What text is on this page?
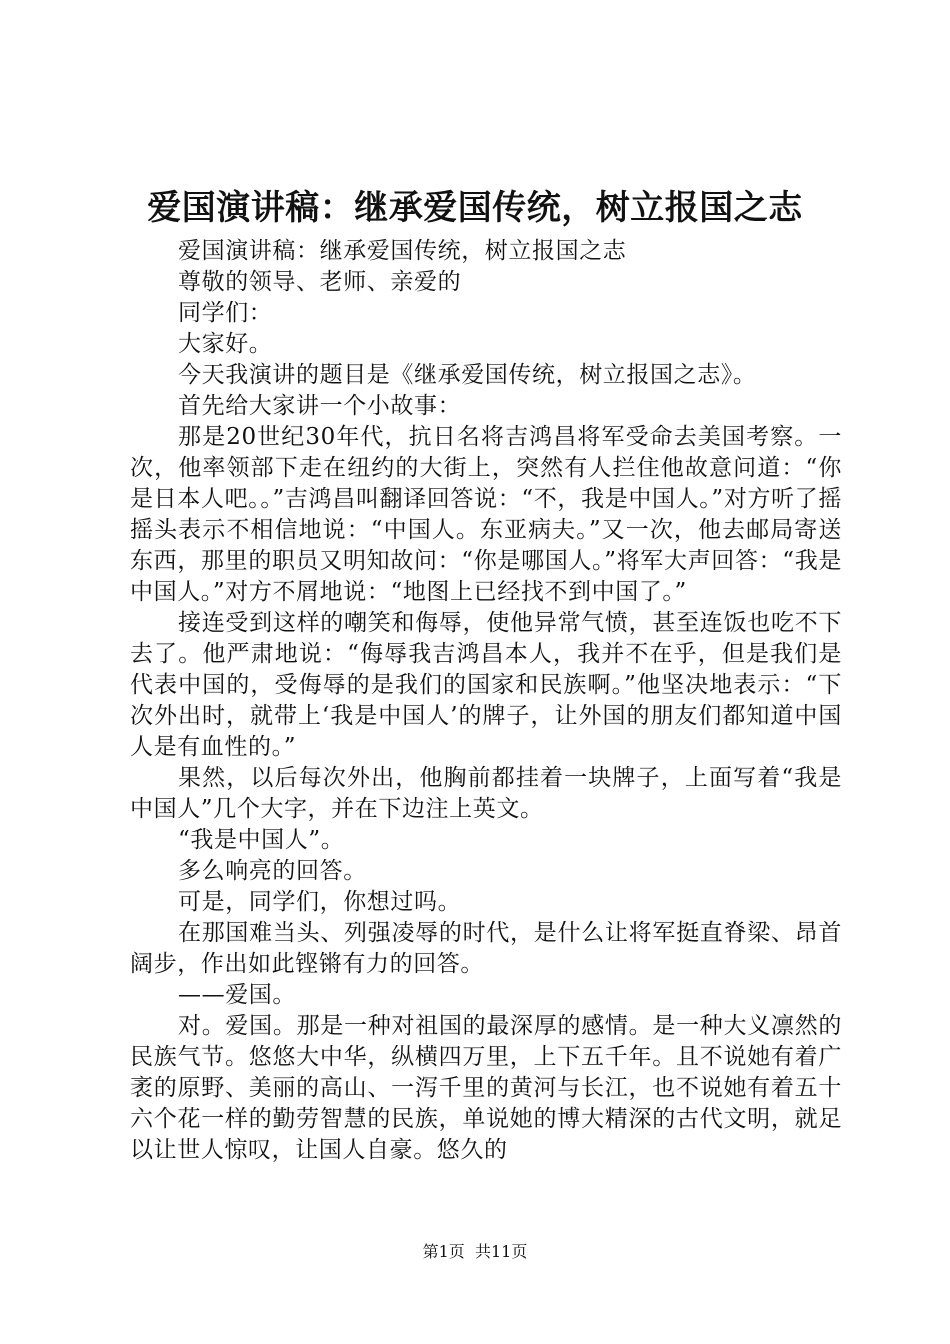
爱国演讲稿：继承爱国传统，树立报国之志

爱国演讲稿：继承爱国传统，树立报国之志

尊敬的领导、老师、亲爱的

同学们：

大家好。

今天我演讲的题目是《继承爱国传统，树立报国之志》。

首先给大家讲一个小故事：

那是20世纪30年代，抗日名将吉鸿昌将军受命去美国考察。一次，他率领部下走在纽约的大街上，突然有人拦住他故意问道：“你是日本人吧。。”吉鸿昌叫翻译回答说：“不，我是中国人。”对方听了摇摇头表示不相信地说：“中国人。东亚病夫。”又一次，他去邮局寄送东西，那里的职员又明知故问：“你是哪国人。”将军大声回答：“我是中国人。”对方不屑地说：“地图上已经找不到中国了。”

接连受到这样的嘲笑和侮辱，使他异常气愤，甚至连饭也吃不下去了。他严肃地说：“侮辱我吉鸿昌本人，我并不在乎，但是我们是代表中国的，受侮辱的是我们的国家和民族啊。”他坚决地表示：“下次外出时，就带上‘我是中国人’的牌子，让外国的朋友们都知道中国人是有血性的。”

果然，以后每次外出，他胸前都挂着一块牌子，上面写着“我是中国人”几个大字，并在下边注上英文。

“我是中国人”。

多么响亮的回答。

可是，同学们，你想过吗。

在那国难当头、列强凌辱的时代，是什么让将军挺直脊梁、昂首阔步，作出如此铿锵有力的回答。

——爱国。

对。爱国。那是一种对祖国的最深厚的感情。是一种大义凛然的民族气节。悠悠大中华，纵横四万里，上下五千年。且不说她有着广袤的原野、美丽的高山、一泻千里的黄河与长江，也不说她有着五十六个花一样的勤劳智慧的民族，单说她的博大精深的古代文明，就足以让世人惊叹，让国人自豪。悠久的

第1页 共11页
